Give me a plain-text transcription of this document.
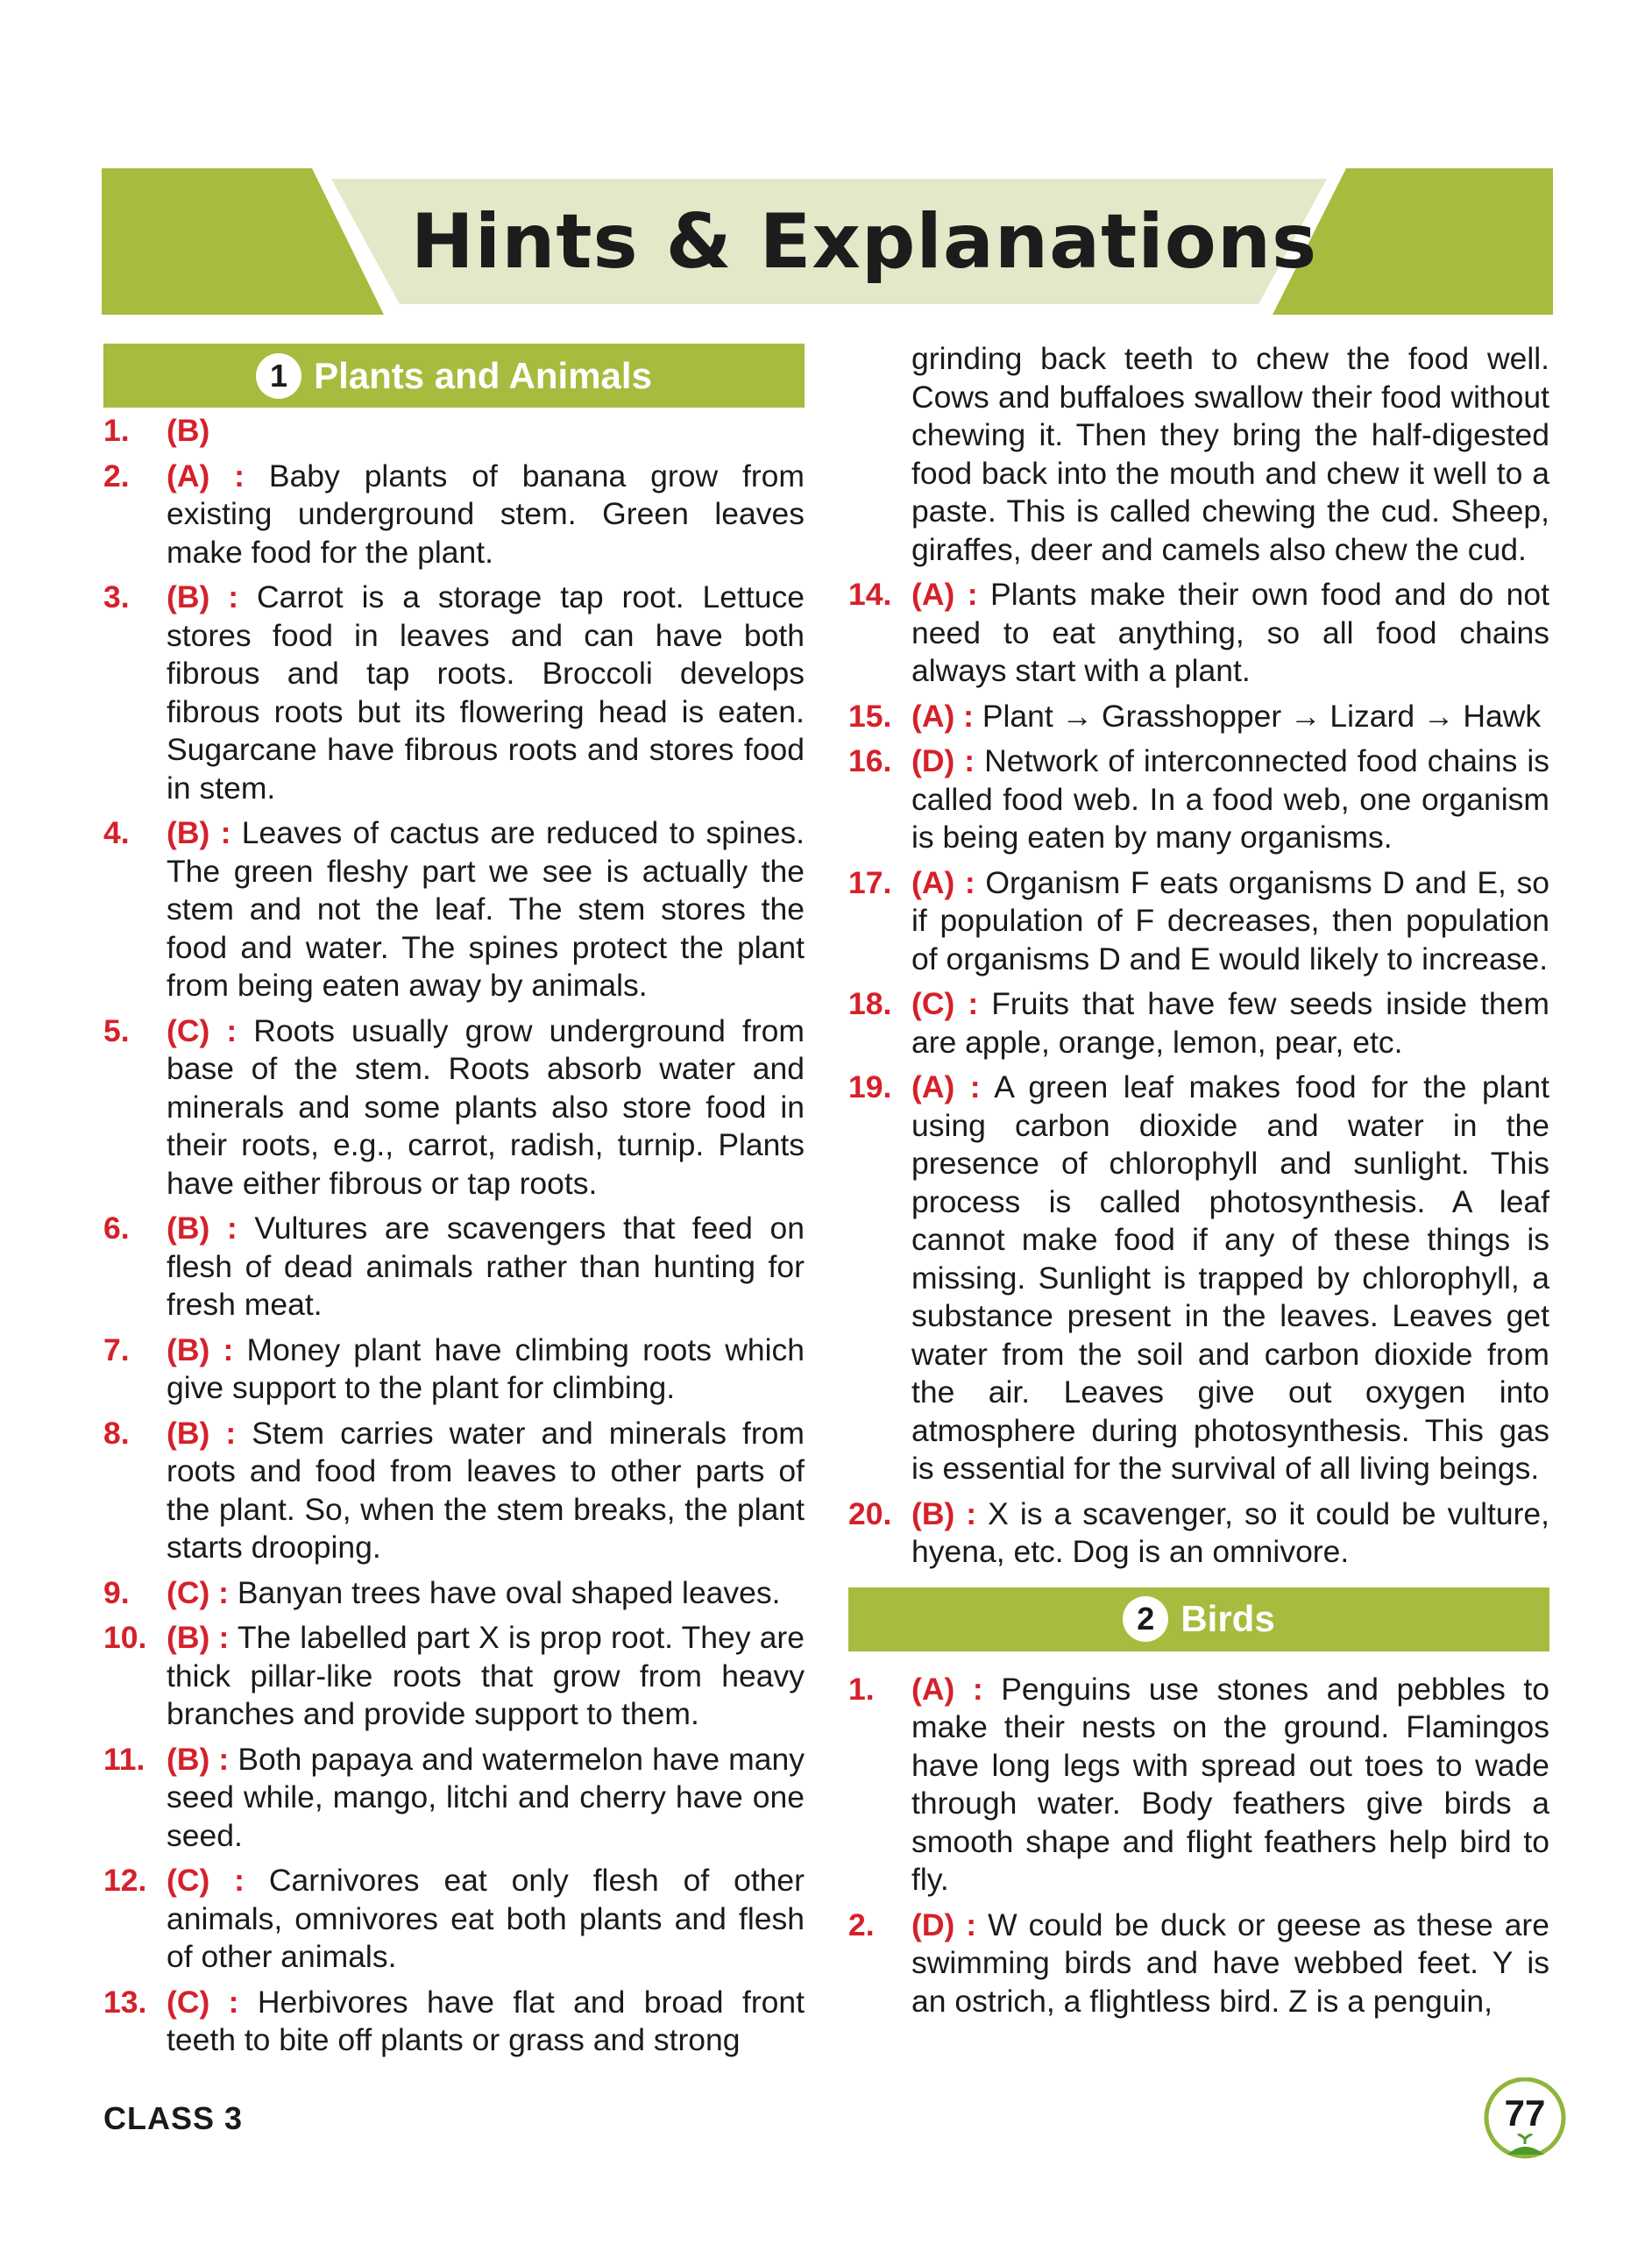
Hints & Explanations
1 Plants and Animals
1.	(B)
2.	(A) : Baby plants of banana grow from existing underground stem. Green leaves make food for the plant.
3.	(B) : Carrot is a storage tap root. Lettuce stores food in leaves and can have both fibrous and tap roots. Broccoli develops fibrous roots but its flowering head is eaten. Sugarcane have fibrous roots and stores food in stem.
4.	(B) : Leaves of cactus are reduced to spines. The green fleshy part we see is actually the stem and not the leaf. The stem stores the food and water. The spines protect the plant from being eaten away by animals.
5.	(C) : Roots usually grow underground from base of the stem. Roots absorb water and minerals and some plants also store food in their roots, e.g., carrot, radish, turnip. Plants have either fibrous or tap roots.
6.	(B) : Vultures are scavengers that feed on flesh of dead animals rather than hunting for fresh meat.
7.	(B) : Money plant have climbing roots which give support to the plant for climbing.
8.	(B) : Stem carries water and minerals from roots and food from leaves to other parts of the plant. So, when the stem breaks, the plant starts drooping.
9.	(C) : Banyan trees have oval shaped leaves.
10. (B) : The labelled part X is prop root. They are thick pillar-like roots that grow from heavy branches and provide support to them.
11. (B) : Both papaya and watermelon have many seed while, mango, litchi and cherry have one seed.
12. (C) : Carnivores eat only flesh of other animals, omnivores eat both plants and flesh of other animals.
13. (C) : Herbivores have flat and broad front teeth to bite off plants or grass and strong
grinding back teeth to chew the food well. Cows and buffaloes swallow their food without chewing it. Then they bring the half-digested food back into the mouth and chew it well to a paste. This is called chewing the cud. Sheep, giraffes, deer and camels also chew the cud.
14. (A) : Plants make their own food and do not need to eat anything, so all food chains always start with a plant.
15. (A) : Plant → Grasshopper → Lizard → Hawk
16. (D) : Network of interconnected food chains is called food web. In a food web, one organism is being eaten by many organisms.
17. (A) : Organism F eats organisms D and E, so if population of F decreases, then population of organisms D and E would likely to increase.
18. (C) : Fruits that have few seeds inside them are apple, orange, lemon, pear, etc.
19. (A) : A green leaf makes food for the plant using carbon dioxide and water in the presence of chlorophyll and sunlight. This process is called photosynthesis. A leaf cannot make food if any of these things is missing. Sunlight is trapped by chlorophyll, a substance present in the leaves. Leaves get water from the soil and carbon dioxide from the air. Leaves give out oxygen into atmosphere during photosynthesis. This gas is essential for the survival of all living beings.
20. (B) : X is a scavenger, so it could be vulture, hyena, etc. Dog is an omnivore.
2 Birds
1.	(A) : Penguins use stones and pebbles to make their nests on the ground. Flamingos have long legs with spread out toes to wade through water. Body feathers give birds a smooth shape and flight feathers help bird to fly.
2.	(D) : W could be duck or geese as these are swimming birds and have webbed feet. Y is an ostrich, a flightless bird. Z is a penguin,
CLASS 3	77
